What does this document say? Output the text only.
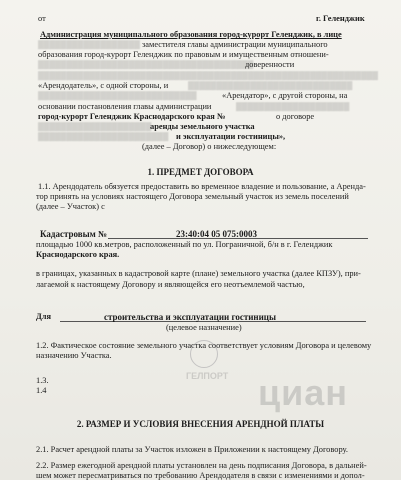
от	г. Геленджик
Администрация муниципального образования город-курорт Геленджик, в лице
▒▒▒▒▒▒▒▒▒▒▒▒▒▒▒▒▒▒ заместителя главы администрации муниципального
образования город-курорт Геленджик по правовым и имущественным отношени-
▒▒▒▒▒▒▒▒▒▒▒▒▒▒▒▒▒▒▒▒▒▒▒▒▒▒▒▒▒▒▒▒▒▒▒▒▒▒
доверенности
▒▒▒▒▒▒▒▒▒▒▒▒▒▒▒▒▒▒▒▒▒▒▒▒▒▒▒▒▒▒▒▒▒▒▒▒▒▒▒▒▒▒▒▒▒▒▒▒▒▒▒▒▒▒▒▒▒▒▒▒
«Арендодатель», с одной стороны, и ▒▒▒▒▒▒▒▒▒▒▒▒▒▒▒▒▒▒▒▒▒▒▒▒▒▒▒▒▒
▒▒▒▒▒▒▒▒▒▒▒▒▒▒▒▒▒▒▒▒▒▒▒▒▒▒▒▒	«Арендатор», с другой стороны, на
основании постановления главы администрации	▒▒▒▒▒▒▒▒▒▒▒▒▒▒▒▒▒▒▒▒
город-курорт Геленджик Краснодарского края №	о договоре
▒▒▒▒▒▒▒▒▒▒▒▒▒▒▒▒▒▒▒▒
аренды земельного участка
▒▒▒▒▒▒▒▒▒▒▒▒▒▒▒▒▒▒▒▒▒▒▒ и эксплуатации гостиницы»,
(далее – Договор) о нижеследующем:
1. ПРЕДМЕТ ДОГОВОРА
1.1. Арендодатель обязуется предоставить во временное владение и пользование, а Аренда-
тор принять на условиях настоящего Договора земельный участок из земель поселений
(далее – Участок) с
Кадастровым №	23:40:04 05 075:0003
площадью 1000 кв.метров, расположенный по ул. Пограничной, б/н в г. Геленджик
Краснодарского края.
в границах, указанных в кадастровой карте (плане) земельного участка (далее КПЗУ), при-
лагаемой к настоящему Договору и являющейся его неотъемлемой частью,
Для	строительства и эксплуатации гостиницы
(целевое назначение)
1.2. Фактическое состояние земельного участка соответствует условиям Договора и целевому
назначению Участка.
1.3.
1.4
2. РАЗМЕР И УСЛОВИЯ ВНЕСЕНИЯ АРЕНДНОЙ ПЛАТЫ
2.1. Расчет арендной платы за Участок изложен в Приложении к настоящему Договору.
2.2. Размер ежегодной арендной платы установлен на день подписания Договора, в дальней-
шем может пересматриваться по требованию Арендодателя в связи с изменениями и допол-
ГЕЛПОРТ циан
